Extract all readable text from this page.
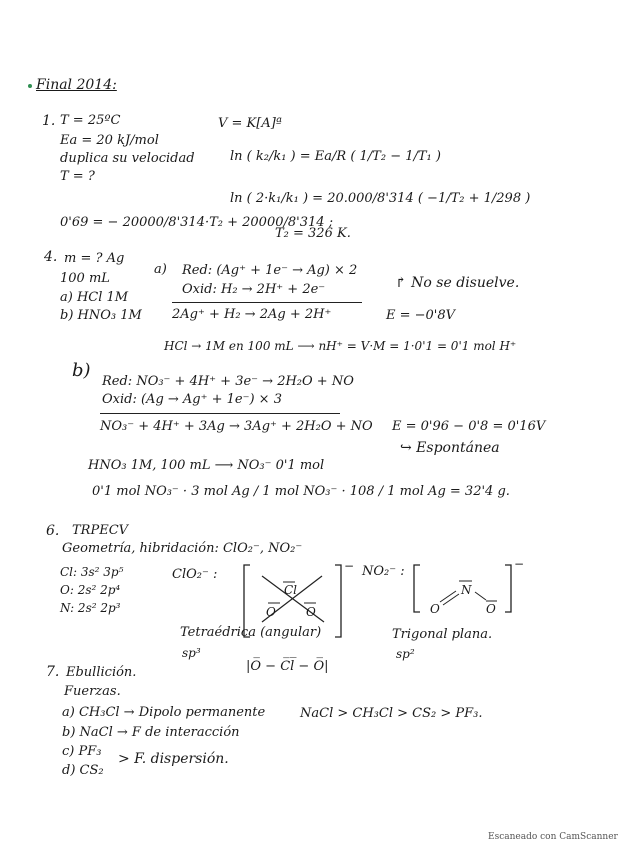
Final 2014:
1. T = 25ºC
Ea = 20 kJ/mol
duplica su velocidad
T = ?
V = K[A]ª
ln ( k₂/k₁ ) = Ea/R ( 1/T₂ − 1/T₁ )
ln ( 2·k₁/k₁ ) = 20.000/8'314 ( −1/T₂ + 1/298 )
0'69 = − 20000/8'314·T₂ + 20000/8'314 ;
T₂ = 326 K.
4. m = ? Ag
100 mL
a) HCl 1M
b) HNO₃ 1M
a) Red: (Ag⁺ + 1e⁻ → Ag) × 2
Oxid: H₂ → 2H⁺ + 2e⁻	↱ No se disuelve.
2Ag⁺ + H₂ → 2Ag + 2H⁺	E = −0'8V
HCl → 1M en 100 mL ⟶ nH⁺ = V·M = 1·0'1 = 0'1 mol H⁺
b)
Red: NO₃⁻ + 4H⁺ + 3e⁻ → 2H₂O + NO
Oxid: (Ag → Ag⁺ + 1e⁻) × 3
NO₃⁻ + 4H⁺ + 3Ag → 3Ag⁺ + 2H₂O + NO E = 0'96 − 0'8 = 0'16V
↪ Espontánea
HNO₃ 1M, 100 mL ⟶ NO₃⁻ 0'1 mol
0'1 mol NO₃⁻ · 3 mol Ag / 1 mol NO₃⁻ · 108 / 1 mol Ag = 32'4 g.
6. TRPECV
Geometría, hibridación: ClO₂⁻, NO₂⁻
Cl: 3s² 3p⁵
O: 2s² 2p⁴
N: 2s² 2p³
ClO₂⁻ :	NO₂⁻ :
Cl
O	O
−
N
O	O
−
Tetraédrica (angular)
sp³
|O̅ − C̅l̅ − O̅|
Trigonal plana.
sp²
7. Ebullición.
Fuerzas.
a) CH₃Cl → Dipolo permanente
b) NaCl → F de interacción
c) PF₃
d) CS₂
> F. dispersión.
NaCl > CH₃Cl > CS₂ > PF₃.
Escaneado con CamScanner
